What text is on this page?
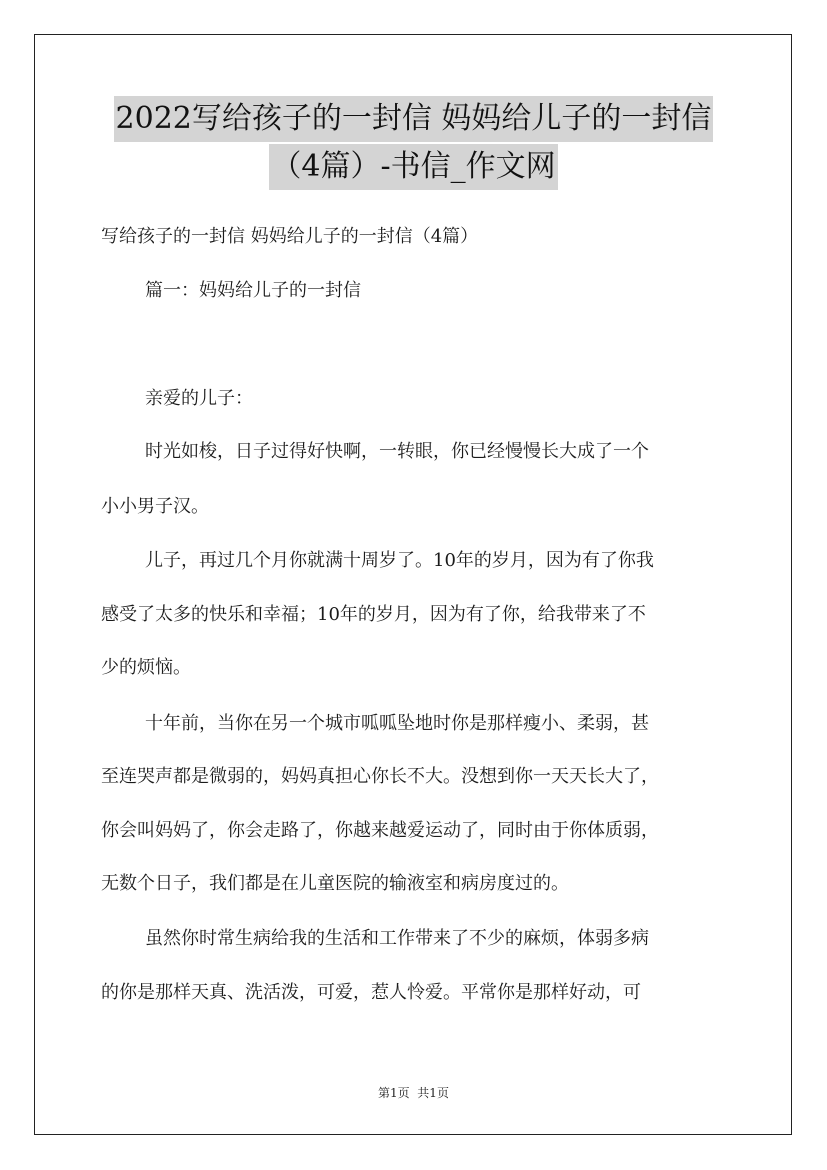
2022写给孩子的一封信 妈妈给儿子的一封信
（4篇）-书信_作文网
写给孩子的一封信 妈妈给儿子的一封信（4篇）
篇一：妈妈给儿子的一封信
亲爱的儿子：
时光如梭，日子过得好快啊，一转眼，你已经慢慢长大成了一个
小小男子汉。
儿子，再过几个月你就满十周岁了。10年的岁月，因为有了你我
感受了太多的快乐和幸福；10年的岁月，因为有了你，给我带来了不
少的烦恼。
十年前，当你在另一个城市呱呱坠地时你是那样瘦小、柔弱，甚
至连哭声都是微弱的，妈妈真担心你长不大。没想到你一天天长大了，
你会叫妈妈了，你会走路了，你越来越爱运动了，同时由于你体质弱，
无数个日子，我们都是在儿童医院的输液室和病房度过的。
虽然你时常生病给我的生活和工作带来了不少的麻烦，体弱多病
的你是那样天真、洗活泼，可爱，惹人怜爱。平常你是那样好动，可
第1页  共1页
